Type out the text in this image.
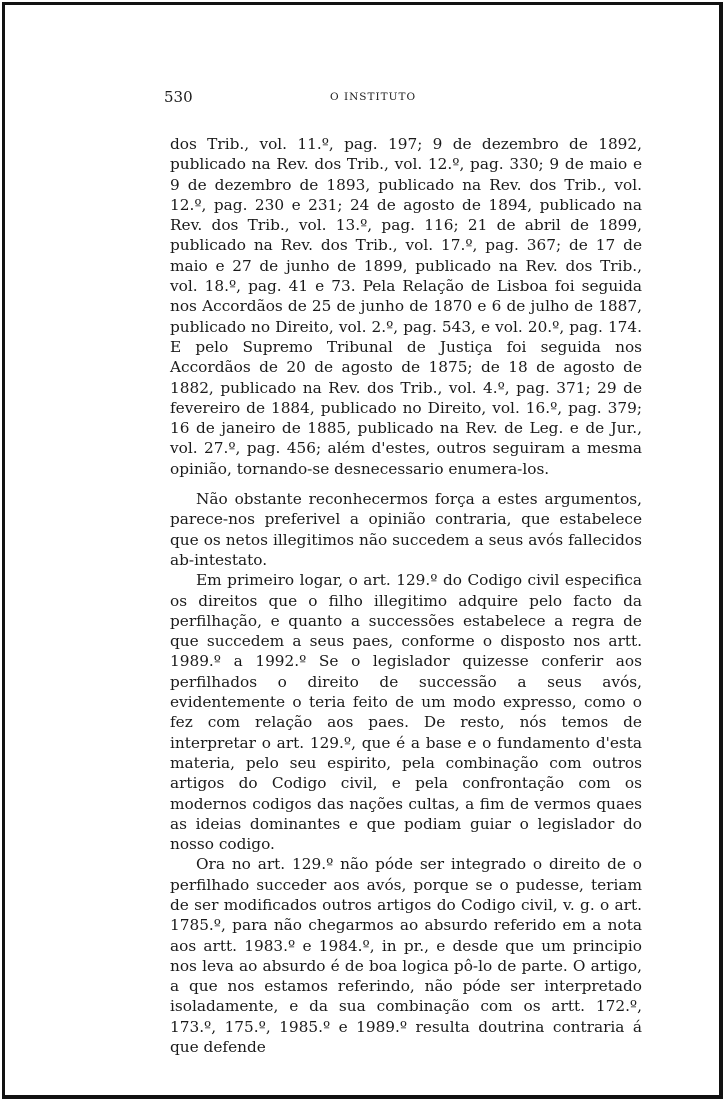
530	O INSTITUTO

dos Trib., vol. 11.º, pag. 197; 9 de dezembro de 1892, publicado na Rev. dos Trib., vol. 12.º, pag. 330; 9 de maio e 9 de dezembro de 1893, publicado na Rev. dos Trib., vol. 12.º, pag. 230 e 231; 24 de agosto de 1894, publicado na Rev. dos Trib., vol. 13.º, pag. 116; 21 de abril de 1899, publicado na Rev. dos Trib., vol. 17.º, pag. 367; de 17 de maio e 27 de junho de 1899, publicado na Rev. dos Trib., vol. 18.º, pag. 41 e 73. Pela Relação de Lisboa foi seguida nos Accordãos de 25 de junho de 1870 e 6 de julho de 1887, publicado no Direito, vol. 2.º, pag. 543, e vol. 20.º, pag. 174. E pelo Supremo Tribunal de Justiça foi seguida nos Accordãos de 20 de agosto de 1875; de 18 de agosto de 1882, publicado na Rev. dos Trib., vol. 4.º, pag. 371; 29 de fevereiro de 1884, publicado no Direito, vol. 16.º, pag. 379; 16 de janeiro de 1885, publicado na Rev. de Leg. e de Jur., vol. 27.º, pag. 456; além d'estes, outros seguiram a mesma opinião, tornando-se desnecessario enumera-los.

Não obstante reconhecermos força a estes argumentos, parece-nos preferivel a opinião contraria, que estabelece que os netos illegitimos não succedem a seus avós fallecidos ab-intestato.

Em primeiro logar, o art. 129.º do Codigo civil especifica os direitos que o filho illegitimo adquire pelo facto da perfilhação, e quanto a successões estabelece a regra de que succedem a seus paes, conforme o disposto nos artt. 1989.º a 1992.º Se o legislador quizesse conferir aos perfilhados o direito de successão a seus avós, evidentemente o teria feito de um modo expresso, como o fez com relação aos paes. De resto, nós temos de interpretar o art. 129.º, que é a base e o fundamento d'esta materia, pelo seu espirito, pela combinação com outros artigos do Codigo civil, e pela confrontação com os modernos codigos das nações cultas, a fim de vermos quaes as ideias dominantes e que podiam guiar o legislador do nosso codigo.

Ora no art. 129.º não póde ser integrado o direito de o perfilhado succeder aos avós, porque se o pudesse, teriam de ser modificados outros artigos do Codigo civil, v. g. o art. 1785.º, para não chegarmos ao absurdo referido em a nota aos artt. 1983.º e 1984.º, in pr., e desde que um principio nos leva ao absurdo é de boa logica pô-lo de parte. O artigo, a que nos estamos referindo, não póde ser interpretado isoladamente, e da sua combinação com os artt. 172.º, 173.º, 175.º, 1985.º e 1989.º resulta doutrina contraria á que defende
